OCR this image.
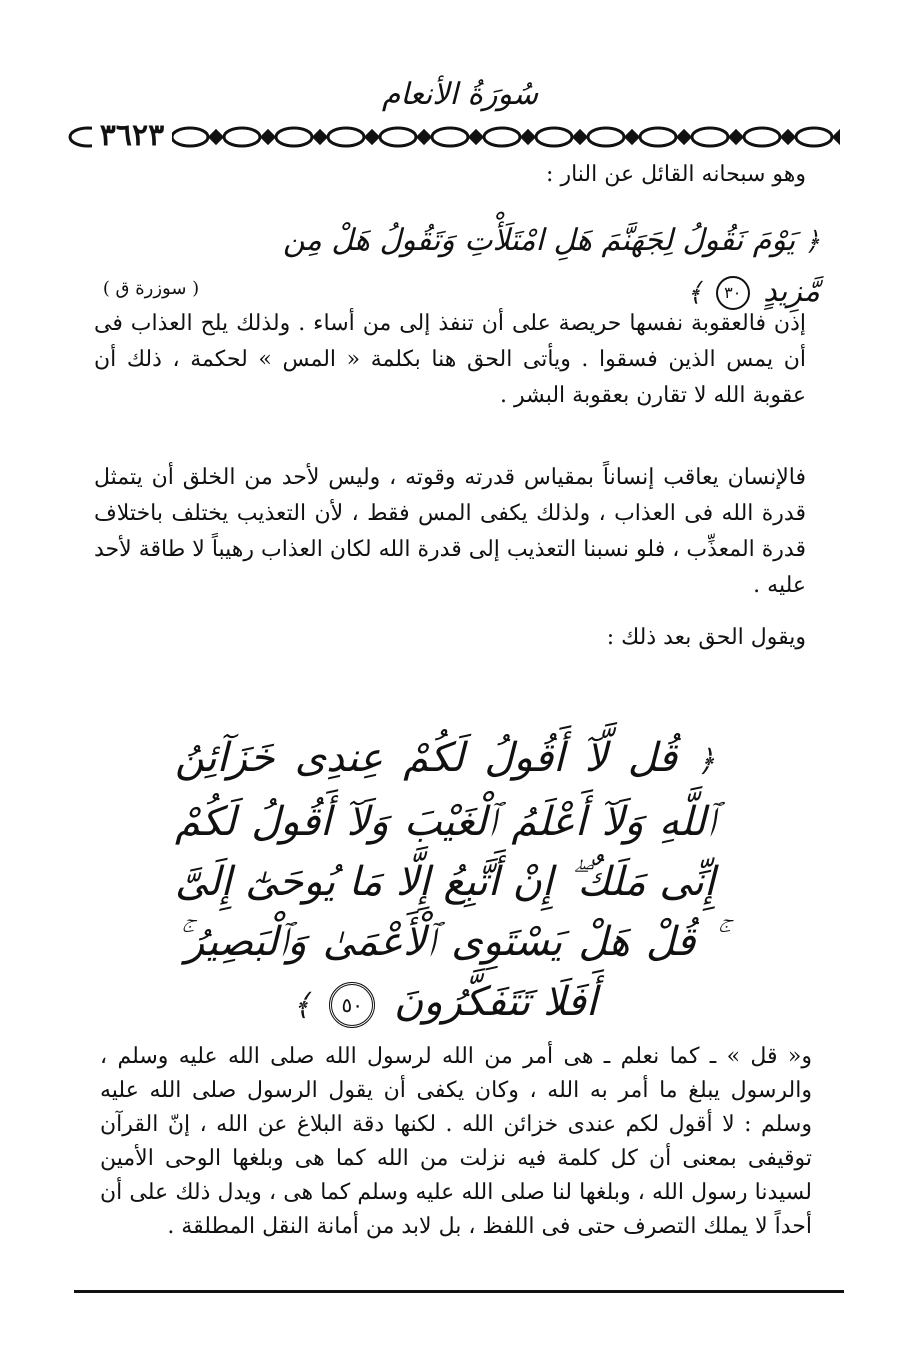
سُورَةُ الأنعام
٣٦٢٣
وهو سبحانه القائل عن النار :
﴿ يَوْمَ نَقُولُ لِجَهَنَّمَ هَلِ امْتَلَأْتِ وَتَقُولُ هَلْ مِن مَّزِيدٍ ٣٠ ﴾
( سوزرة ق )
إذن فالعقوبة نفسها حريصة على أن تنفذ إلى من أساء . ولذلك يلح العذاب فى أن يمس الذين فسقوا . ويأتى الحق هنا بكلمة « المس » لحكمة ، ذلك أن عقوبة الله لا تقارن بعقوبة البشر .
فالإنسان يعاقب إنساناً بمقياس قدرته وقوته ، وليس لأحد من الخلق أن يتمثل قدرة الله فى العذاب ، ولذلك يكفى المس فقط ، لأن التعذيب يختلف باختلاف قدرة المعذِّب ، فلو نسبنا التعذيب إلى قدرة الله لكان العذاب رهيباً لا طاقة لأحد عليه .
ويقول الحق بعد ذلك :
﴿ قُل لَّآ أَقُولُ لَكُمْ عِندِى خَزَآئِنُ ٱللَّهِ وَلَآ أَعْلَمُ ٱلْغَيْبَ وَلَآ أَقُولُ لَكُمْ إِنِّى مَلَكٌ ۖ إِنْ أَتَّبِعُ إِلَّا مَا يُوحَىٰٓ إِلَىَّ ۚ قُلْ هَلْ يَسْتَوِى ٱلْأَعْمَىٰ وَٱلْبَصِيرُ ۚ أَفَلَا تَتَفَكَّرُونَ ٥٠ ﴾
و« قل » ـ كما نعلم ـ هى أمر من الله لرسول الله صلى الله عليه وسلم ، والرسول يبلغ ما أمر به الله ، وكان يكفى أن يقول الرسول صلى الله عليه وسلم : لا أقول لكم عندى خزائن الله . لكنها دقة البلاغ عن الله ، إنّ القرآن توقيفى بمعنى أن كل كلمة فيه نزلت من الله كما هى وبلغها الوحى الأمين لسيدنا رسول الله ، وبلغها لنا صلى الله عليه وسلم كما هى ، ويدل ذلك على أن أحداً لا يملك التصرف حتى فى اللفظ ، بل لابد من أمانة النقل المطلقة .
